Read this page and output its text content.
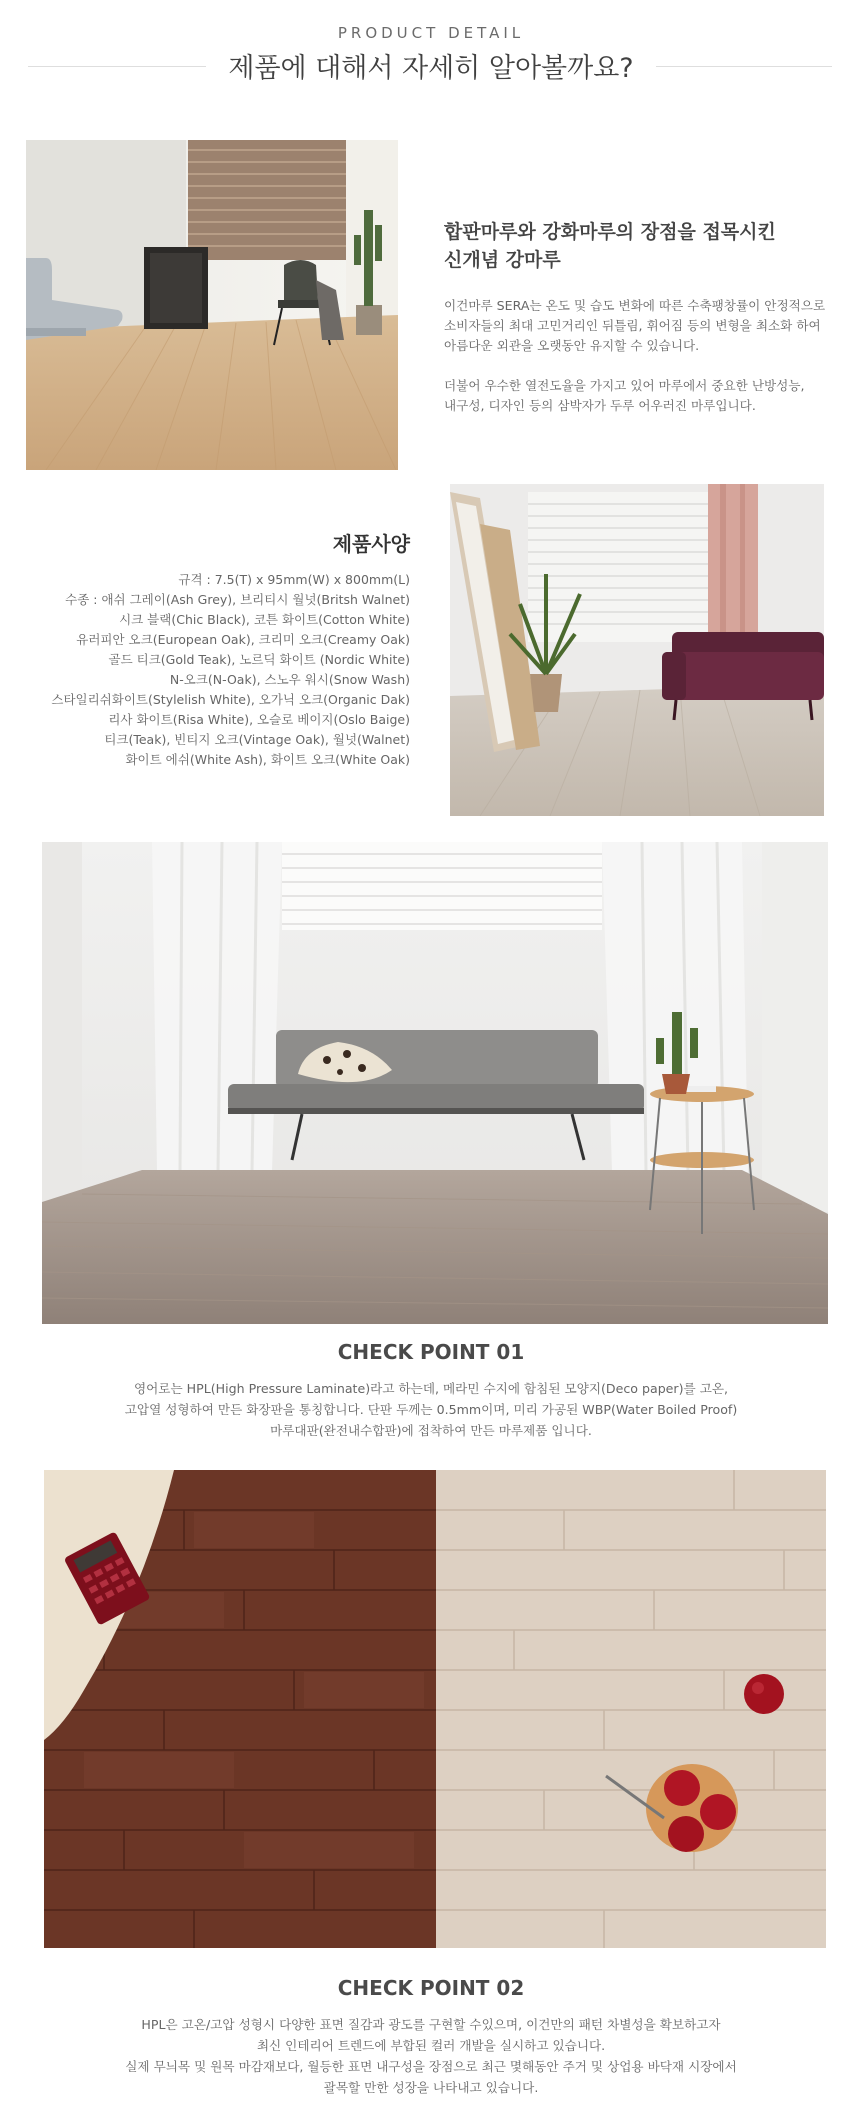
PRODUCT DETAIL
제품에 대해서 자세히 알아볼까요?
합판마루와 강화마루의 장점을 접목시킨
신개념 강마루
이건마루 SERA는 온도 및 습도 변화에 따른 수축팽창률이 안정적으로
소비자들의 최대 고민거리인 뒤틀림, 휘어짐 등의 변형을 최소화 하여
아름다운 외관을 오랫동안 유지할 수 있습니다.
더불어 우수한 열전도율을 가지고 있어 마루에서 중요한 난방성능,
내구성, 디자인 등의 삼박자가 두루 어우러진 마루입니다.
제품사양
규격 : 7.5(T) x 95mm(W) x 800mm(L)
수종 : 애쉬 그레이(Ash Grey), 브리티시 월넛(Britsh Walnet)
시크 블랙(Chic Black), 코튼 화이트(Cotton White)
유러피안 오크(European Oak), 크리미 오크(Creamy Oak)
골드 티크(Gold Teak), 노르딕 화이트 (Nordic White)
N-오크(N-Oak), 스노우 워시(Snow Wash)
스타일리쉬화이트(Stylelish White), 오가닉 오크(Organic Dak)
리사 화이트(Risa White), 오슬로 베이지(Oslo Baige)
티크(Teak), 빈티지 오크(Vintage Oak), 월넛(Walnet)
화이트 에쉬(White Ash), 화이트 오크(White Oak)
CHECK POINT 01
영어로는 HPL(High Pressure Laminate)라고 하는데, 메라민 수지에 함침된 모양지(Deco paper)를 고온,
고압열 성형하여 만든 화장판을 통칭합니다. 단판 두께는 0.5mm이며, 미리 가공된 WBP(Water Boiled Proof)
마루대판(완전내수합판)에 접착하여 만든 마루제품 입니다.
CHECK POINT 02
HPL은 고온/고압 성형시 다양한 표면 질감과 광도를 구현할 수있으며, 이건만의 패턴 차별성을 확보하고자
최신 인테리어 트렌드에 부합된 컬러 개발을 실시하고 있습니다.
실제 무늬목 및 원목 마감재보다, 월등한 표면 내구성을 장점으로 최근 몇해동안 주거 및 상업용 바닥재 시장에서
괄목할 만한 성장을 나타내고 있습니다.
